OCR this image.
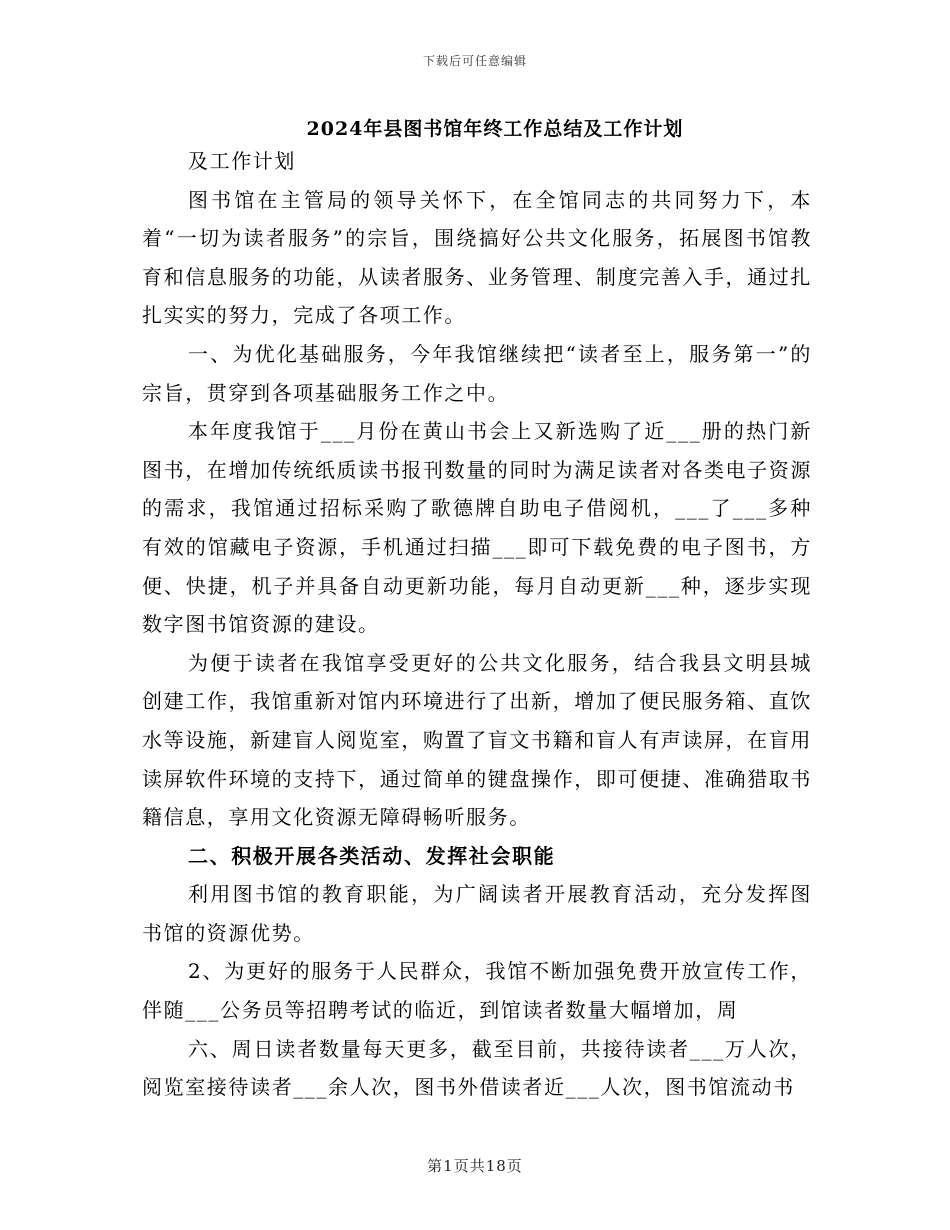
下载后可任意编辑
2024年县图书馆年终工作总结及工作计划

及工作计划

图书馆在主管局的领导关怀下，在全馆同志的共同努力下，本着“一切为读者服务”的宗旨，围绕搞好公共文化服务，拓展图书馆教育和信息服务的功能，从读者服务、业务管理、制度完善入手，通过扎扎实实的努力，完成了各项工作。

一、为优化基础服务，今年我馆继续把“读者至上，服务第一”的宗旨，贯穿到各项基础服务工作之中。

本年度我馆于___月份在黄山书会上又新选购了近___册的热门新图书，在增加传统纸质读书报刊数量的同时为满足读者对各类电子资源的需求，我馆通过招标采购了歌德牌自助电子借阅机，___了___多种有效的馆藏电子资源，手机通过扫描___即可下载免费的电子图书，方便、快捷，机子并具备自动更新功能，每月自动更新___种，逐步实现数字图书馆资源的建设。

为便于读者在我馆享受更好的公共文化服务，结合我县文明县城创建工作，我馆重新对馆内环境进行了出新，增加了便民服务箱、直饮水等设施，新建盲人阅览室，购置了盲文书籍和盲人有声读屏，在盲用读屏软件环境的支持下，通过简单的键盘操作，即可便捷、准确猎取书籍信息，享用文化资源无障碍畅听服务。

二、积极开展各类活动、发挥社会职能

利用图书馆的教育职能，为广阔读者开展教育活动，充分发挥图书馆的资源优势。

2、为更好的服务于人民群众，我馆不断加强免费开放宣传工作，伴随___公务员等招聘考试的临近，到馆读者数量大幅增加，周

六、周日读者数量每天更多，截至目前，共接待读者___万人次，阅览室接待读者___余人次，图书外借读者近___人次，图书馆流动书

第1页共18页
